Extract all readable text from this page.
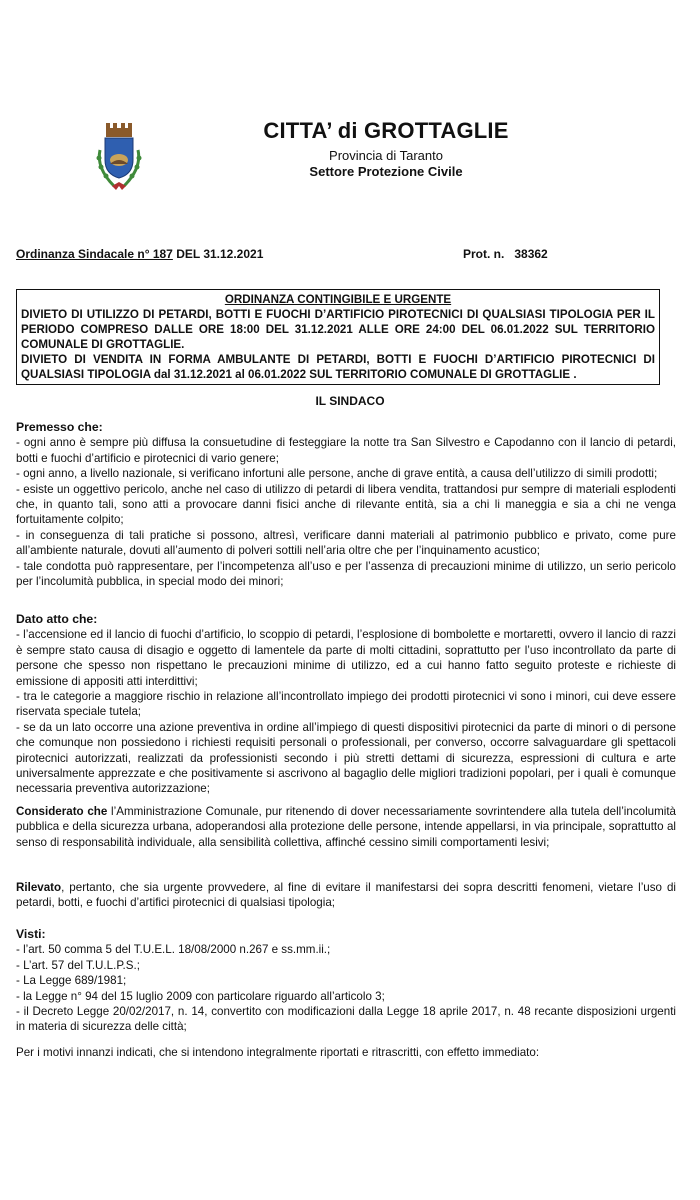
CITTA’ di GROTTAGLIE
Provincia di Taranto
Settore Protezione Civile
Ordinanza Sindacale n° 187 DEL 31.12.2021	Prot. n. 38362
ORDINANZA CONTINGIBILE E URGENTE

DIVIETO DI UTILIZZO DI PETARDI, BOTTI E FUOCHI D’ARTIFICIO PIROTECNICI DI QUALSIASI TIPOLOGIA PER IL PERIODO COMPRESO DALLE ORE 18:00 DEL 31.12.2021 ALLE ORE 24:00 DEL 06.01.2022 SUL TERRITORIO COMUNALE DI GROTTAGLIE.

DIVIETO DI VENDITA IN FORMA AMBULANTE DI PETARDI, BOTTI E FUOCHI D’ARTIFICIO PIROTECNICI DI QUALSIASI TIPOLOGIA dal 31.12.2021 al 06.01.2022 SUL TERRITORIO COMUNALE DI GROTTAGLIE .

IL SINDACO
Premesso che:

- ogni anno è sempre più diffusa la consuetudine di festeggiare la notte tra San Silvestro e Capodanno con il lancio di petardi, botti e fuochi d’artificio e pirotecnici di vario genere;

- ogni anno, a livello nazionale, si verificano infortuni alle persone, anche di grave entità, a causa dell’utilizzo di simili prodotti;

- esiste un oggettivo pericolo, anche nel caso di utilizzo di petardi di libera vendita, trattandosi pur sempre di materiali esplodenti che, in quanto tali, sono atti a provocare danni fisici anche di rilevante entità, sia a chi li maneggia e sia a chi ne venga fortuitamente colpito;

- in conseguenza di tali pratiche si possono, altresì, verificare danni materiali al patrimonio pubblico e privato, come pure all’ambiente naturale, dovuti all’aumento di polveri sottili nell’aria oltre che per l’inquinamento acustico;

- tale condotta può rappresentare, per l’incompetenza all’uso e per l’assenza di precauzioni minime di utilizzo, un serio pericolo per l’incolumità pubblica, in special modo dei minori;

Dato atto che:

- l’accensione ed il lancio di fuochi d’artificio, lo scoppio di petardi, l’esplosione di bombolette e mortaretti, ovvero il lancio di razzi è sempre stato causa di disagio e oggetto di lamentele da parte di molti cittadini, soprattutto per l’uso incontrollato da parte di persone che spesso non rispettano le precauzioni minime di utilizzo, ed a cui hanno fatto seguito proteste e richieste di emissione di appositi atti interdittivi;

- tra le categorie a maggiore rischio in relazione all’incontrollato impiego dei prodotti pirotecnici vi sono i minori, cui deve essere riservata speciale tutela;

- se da un lato occorre una azione preventiva in ordine all’impiego di questi dispositivi pirotecnici da parte di minori o di persone che comunque non possiedono i richiesti requisiti personali o professionali, per converso, occorre salvaguardare gli spettacoli pirotecnici autorizzati, realizzati da professionisti secondo i più stretti dettami di sicurezza, espressioni di cultura e arte universalmente apprezzate e che positivamente si ascrivono al bagaglio delle migliori tradizioni popolari, per i quali è comunque necessaria preventiva autorizzazione;

Considerato che l’Amministrazione Comunale, pur ritenendo di dover necessariamente sovrintendere alla tutela dell’incolumità pubblica e della sicurezza urbana, adoperandosi alla protezione delle persone, intende appellarsi, in via principale, soprattutto al senso di responsabilità individuale, alla sensibilità collettiva, affinché cessino simili comportamenti lesivi;

Rilevato, pertanto, che sia urgente provvedere, al fine di evitare il manifestarsi dei sopra descritti fenomeni, vietare l’uso di petardi, botti, e fuochi d’artifici pirotecnici di qualsiasi tipologia;

Visti:

- l’art. 50 comma 5 del T.U.E.L. 18/08/2000 n.267 e ss.mm.ii.;

- L’art. 57 del T.U.L.P.S.;

- La Legge 689/1981;

- la Legge n° 94 del 15 luglio 2009 con particolare riguardo all’articolo 3;

- il Decreto Legge 20/02/2017, n. 14, convertito con modificazioni dalla Legge 18 aprile 2017, n. 48 recante disposizioni urgenti in materia di sicurezza delle città;

Per i motivi innanzi indicati, che si intendono integralmente riportati e ritrascritti, con effetto immediato:
